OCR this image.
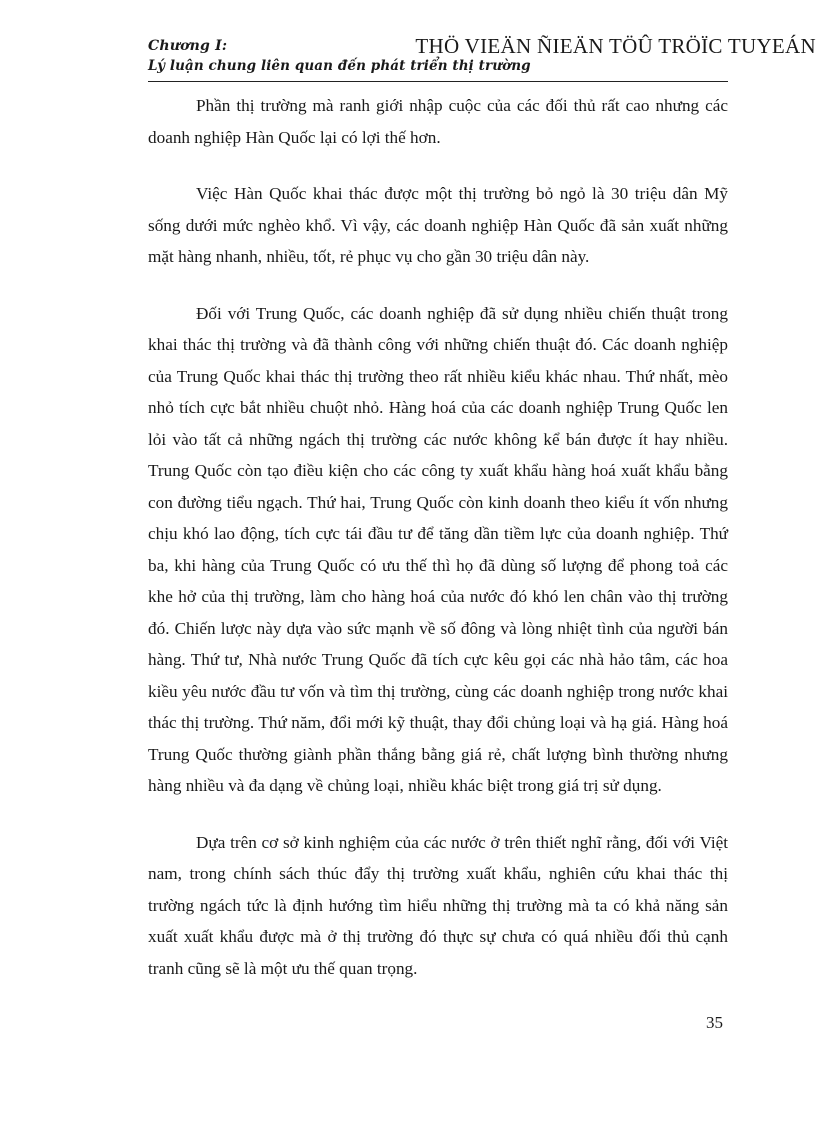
Chương I:
Lý luận chung liên quan đến phát triển thị trường
THÖ VIEÄN ÑIEÄN TÖÛ TRÖÏC TUYEÁN

Phần thị trường mà ranh giới nhập cuộc của các đối thủ rất cao nhưng các doanh nghiệp Hàn Quốc lại có lợi thế hơn.

Việc Hàn Quốc khai thác được một thị trường bỏ ngỏ là 30 triệu dân Mỹ sống dưới mức nghèo khổ. Vì vậy, các doanh nghiệp Hàn Quốc đã sản xuất những mặt hàng nhanh, nhiều, tốt, rẻ phục vụ cho gần 30 triệu dân này.

Đối với Trung Quốc, các doanh nghiệp đã sử dụng nhiều chiến thuật trong khai thác thị trường và đã thành công với những chiến thuật đó. Các doanh nghiệp của Trung Quốc khai thác thị trường theo rất nhiều kiểu khác nhau. Thứ nhất, mèo nhỏ tích cực bắt nhiều chuột nhỏ. Hàng hoá của các doanh nghiệp Trung Quốc len lỏi vào tất cả những ngách thị trường các nước không kể bán được ít hay nhiều. Trung Quốc còn tạo điều kiện cho các công ty xuất khẩu hàng hoá xuất khẩu bằng con đường tiểu ngạch. Thứ hai, Trung Quốc còn kinh doanh theo kiểu ít vốn nhưng chịu khó lao động, tích cực tái đầu tư để tăng dần tiềm lực của doanh nghiệp. Thứ ba, khi hàng của Trung Quốc có ưu thế thì họ đã dùng số lượng để phong toả các khe hở của thị trường, làm cho hàng hoá của nước đó khó len chân vào thị trường đó. Chiến lược này dựa vào sức mạnh về số đông và lòng nhiệt tình của người bán hàng. Thứ tư, Nhà nước Trung Quốc đã tích cực kêu gọi các nhà hảo tâm, các hoa kiều yêu nước đầu tư vốn và tìm thị trường, cùng các doanh nghiệp trong nước khai thác thị trường. Thứ năm, đổi mới kỹ thuật, thay đổi chủng loại và hạ giá. Hàng hoá Trung Quốc thường giành phần thắng bằng giá rẻ, chất lượng bình thường nhưng hàng nhiều và đa dạng về chủng loại, nhiều khác biệt trong giá trị sử dụng.

Dựa trên cơ sở kinh nghiệm của các nước ở trên thiết nghĩ rằng, đối với Việt nam, trong chính sách thúc đẩy thị trường xuất khẩu, nghiên cứu khai thác thị trường ngách tức là định hướng tìm hiểu những thị trường mà ta có khả năng sản xuất xuất khẩu được mà ở thị trường đó thực sự chưa có quá nhiều đối thủ cạnh tranh cũng sẽ là một ưu thế quan trọng.

35
